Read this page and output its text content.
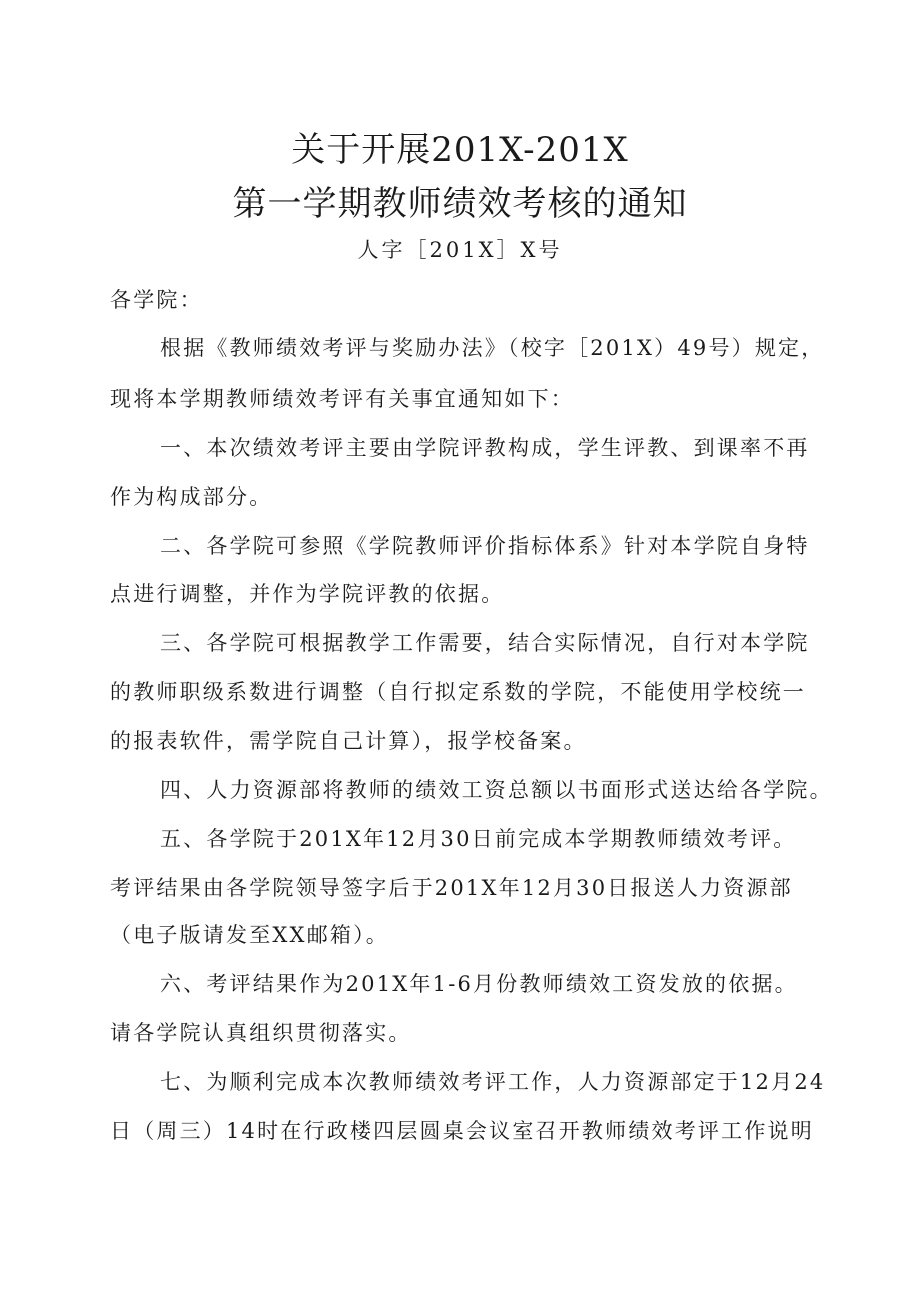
关于开展201X-201X
第一学期教师绩效考核的通知
人字［201X］X号
各学院：
根据《教师绩效考评与奖励办法》（校字［201X）49号）规定，
现将本学期教师绩效考评有关事宜通知如下：
一、本次绩效考评主要由学院评教构成，学生评教、到课率不再
作为构成部分。
二、各学院可参照《学院教师评价指标体系》针对本学院自身特
点进行调整，并作为学院评教的依据。
三、各学院可根据教学工作需要，结合实际情况，自行对本学院
的教师职级系数进行调整（自行拟定系数的学院，不能使用学校统一
的报表软件，需学院自己计算），报学校备案。
四、人力资源部将教师的绩效工资总额以书面形式送达给各学院。
五、各学院于201X年12月30日前完成本学期教师绩效考评。
考评结果由各学院领导签字后于201X年12月30日报送人力资源部
（电子版请发至XX邮箱）。
六、考评结果作为201X年1-6月份教师绩效工资发放的依据。
请各学院认真组织贯彻落实。
七、为顺利完成本次教师绩效考评工作，人力资源部定于12月24
日（周三）14时在行政楼四层圆桌会议室召开教师绩效考评工作说明
